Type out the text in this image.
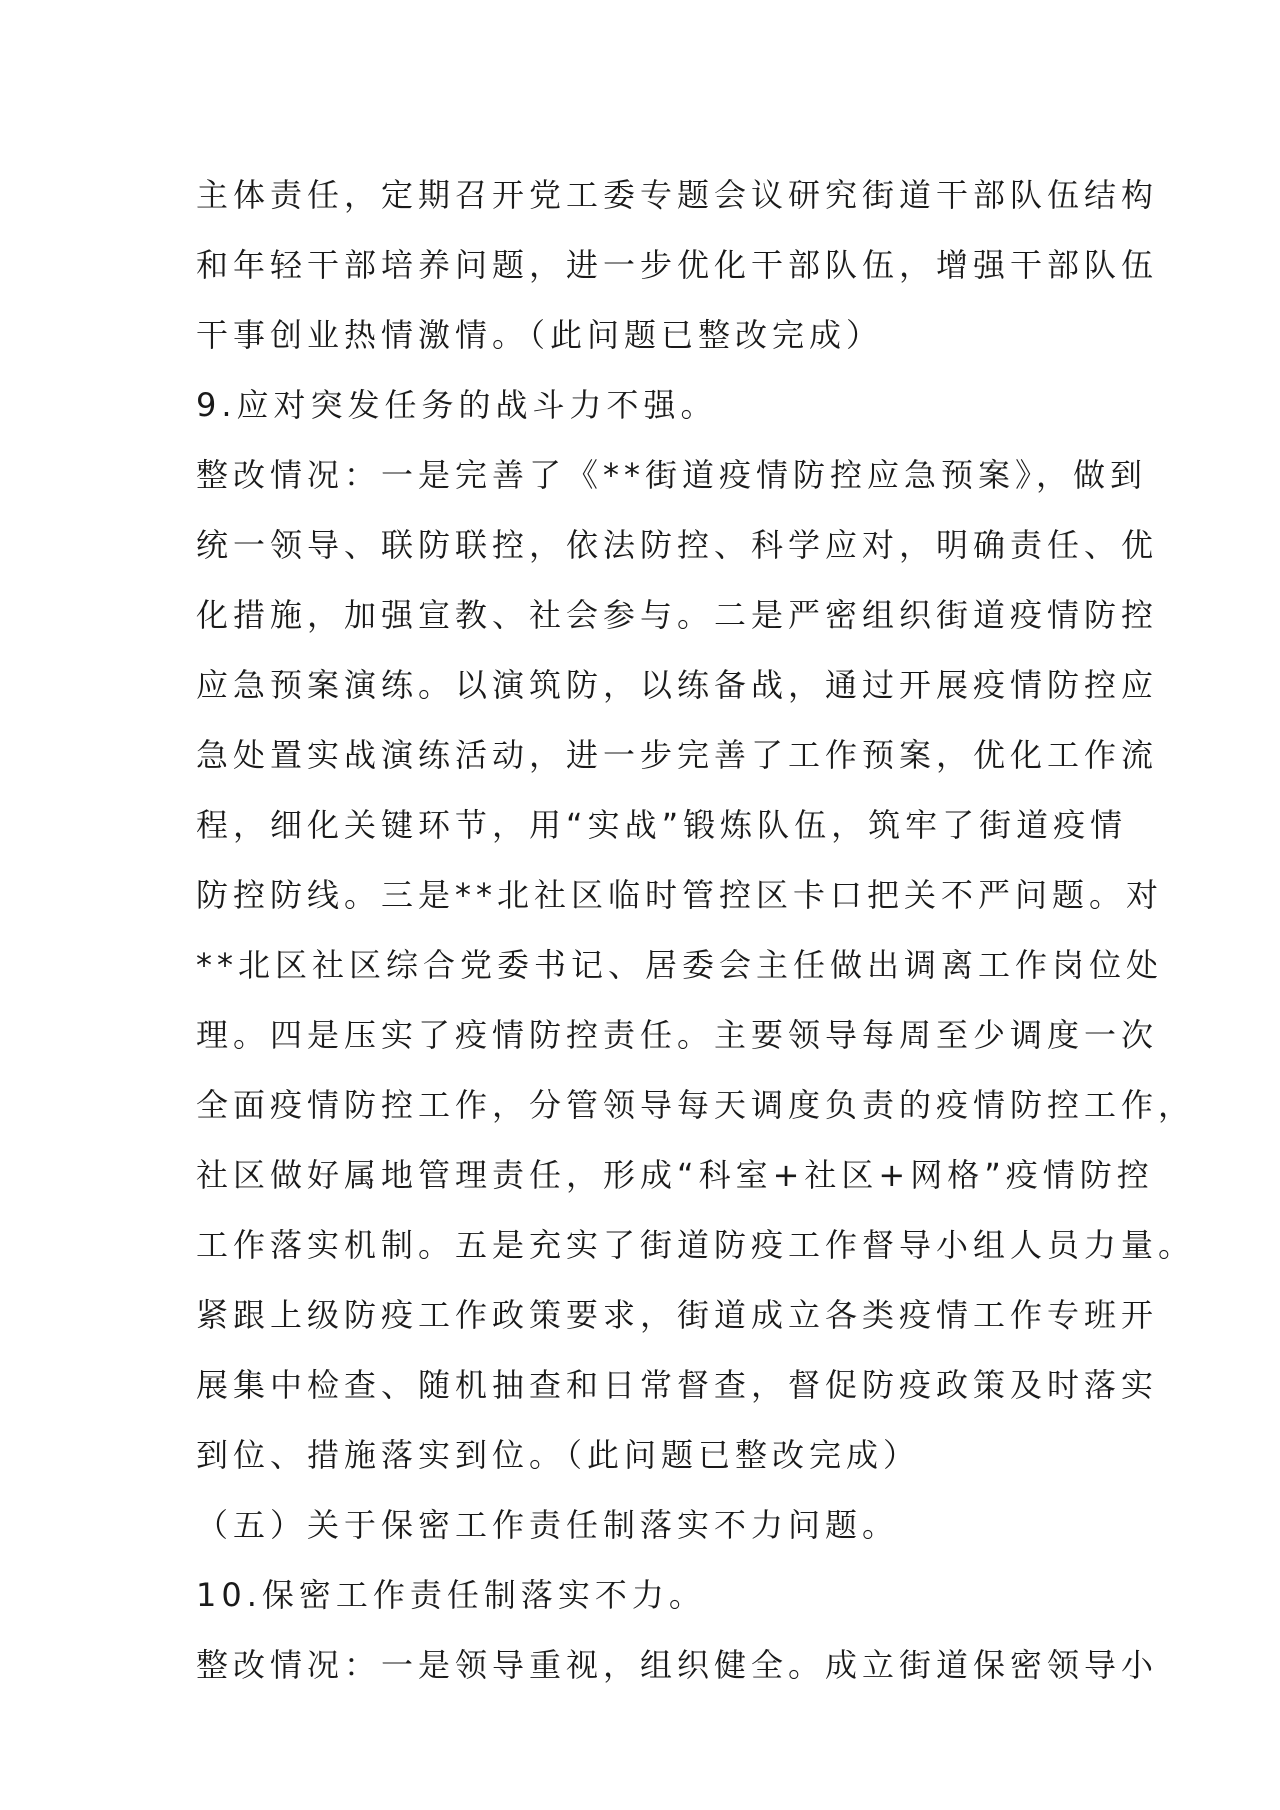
主体责任，定期召开党工委专题会议研究街道干部队伍结构
和年轻干部培养问题，进一步优化干部队伍，增强干部队伍
干事创业热情激情。（此问题已整改完成）
9.应对突发任务的战斗力不强。
整改情况：一是完善了《**街道疫情防控应急预案》，做到
统一领导、联防联控，依法防控、科学应对，明确责任、优
化措施，加强宣教、社会参与。二是严密组织街道疫情防控
应急预案演练。以演筑防，以练备战，通过开展疫情防控应
急处置实战演练活动，进一步完善了工作预案，优化工作流
程，细化关键环节，用“实战”锻炼队伍，筑牢了街道疫情
防控防线。三是**北社区临时管控区卡口把关不严问题。对
**北区社区综合党委书记、居委会主任做出调离工作岗位处
理。四是压实了疫情防控责任。主要领导每周至少调度一次
全面疫情防控工作，分管领导每天调度负责的疫情防控工作，
社区做好属地管理责任，形成“科室+社区+网格”疫情防控
工作落实机制。五是充实了街道防疫工作督导小组人员力量。
紧跟上级防疫工作政策要求，街道成立各类疫情工作专班开
展集中检查、随机抽查和日常督查，督促防疫政策及时落实
到位、措施落实到位。（此问题已整改完成）
（五）关于保密工作责任制落实不力问题。
10.保密工作责任制落实不力。
整改情况：一是领导重视，组织健全。成立街道保密领导小
